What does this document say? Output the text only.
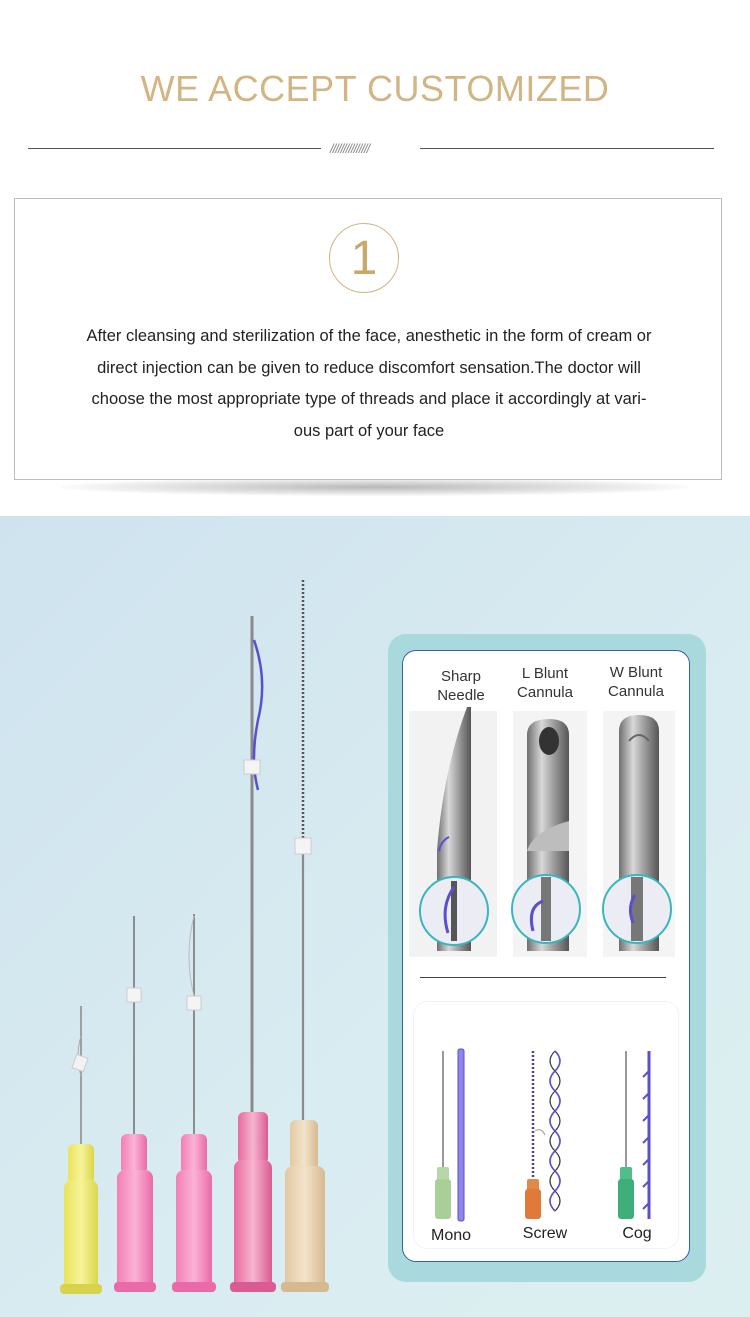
WE ACCEPT CUSTOMIZED
///////////////
1
After cleansing and sterilization of the face, anesthetic in the form of cream or
direct injection can be given to reduce discomfort sensation.The doctor will
choose the most appropriate type of threads and place it accordingly at vari-
ous part of your face
Sharp
Needle
L Blunt
Cannula
W Blunt
Cannula
Mono	Screw	Cog
